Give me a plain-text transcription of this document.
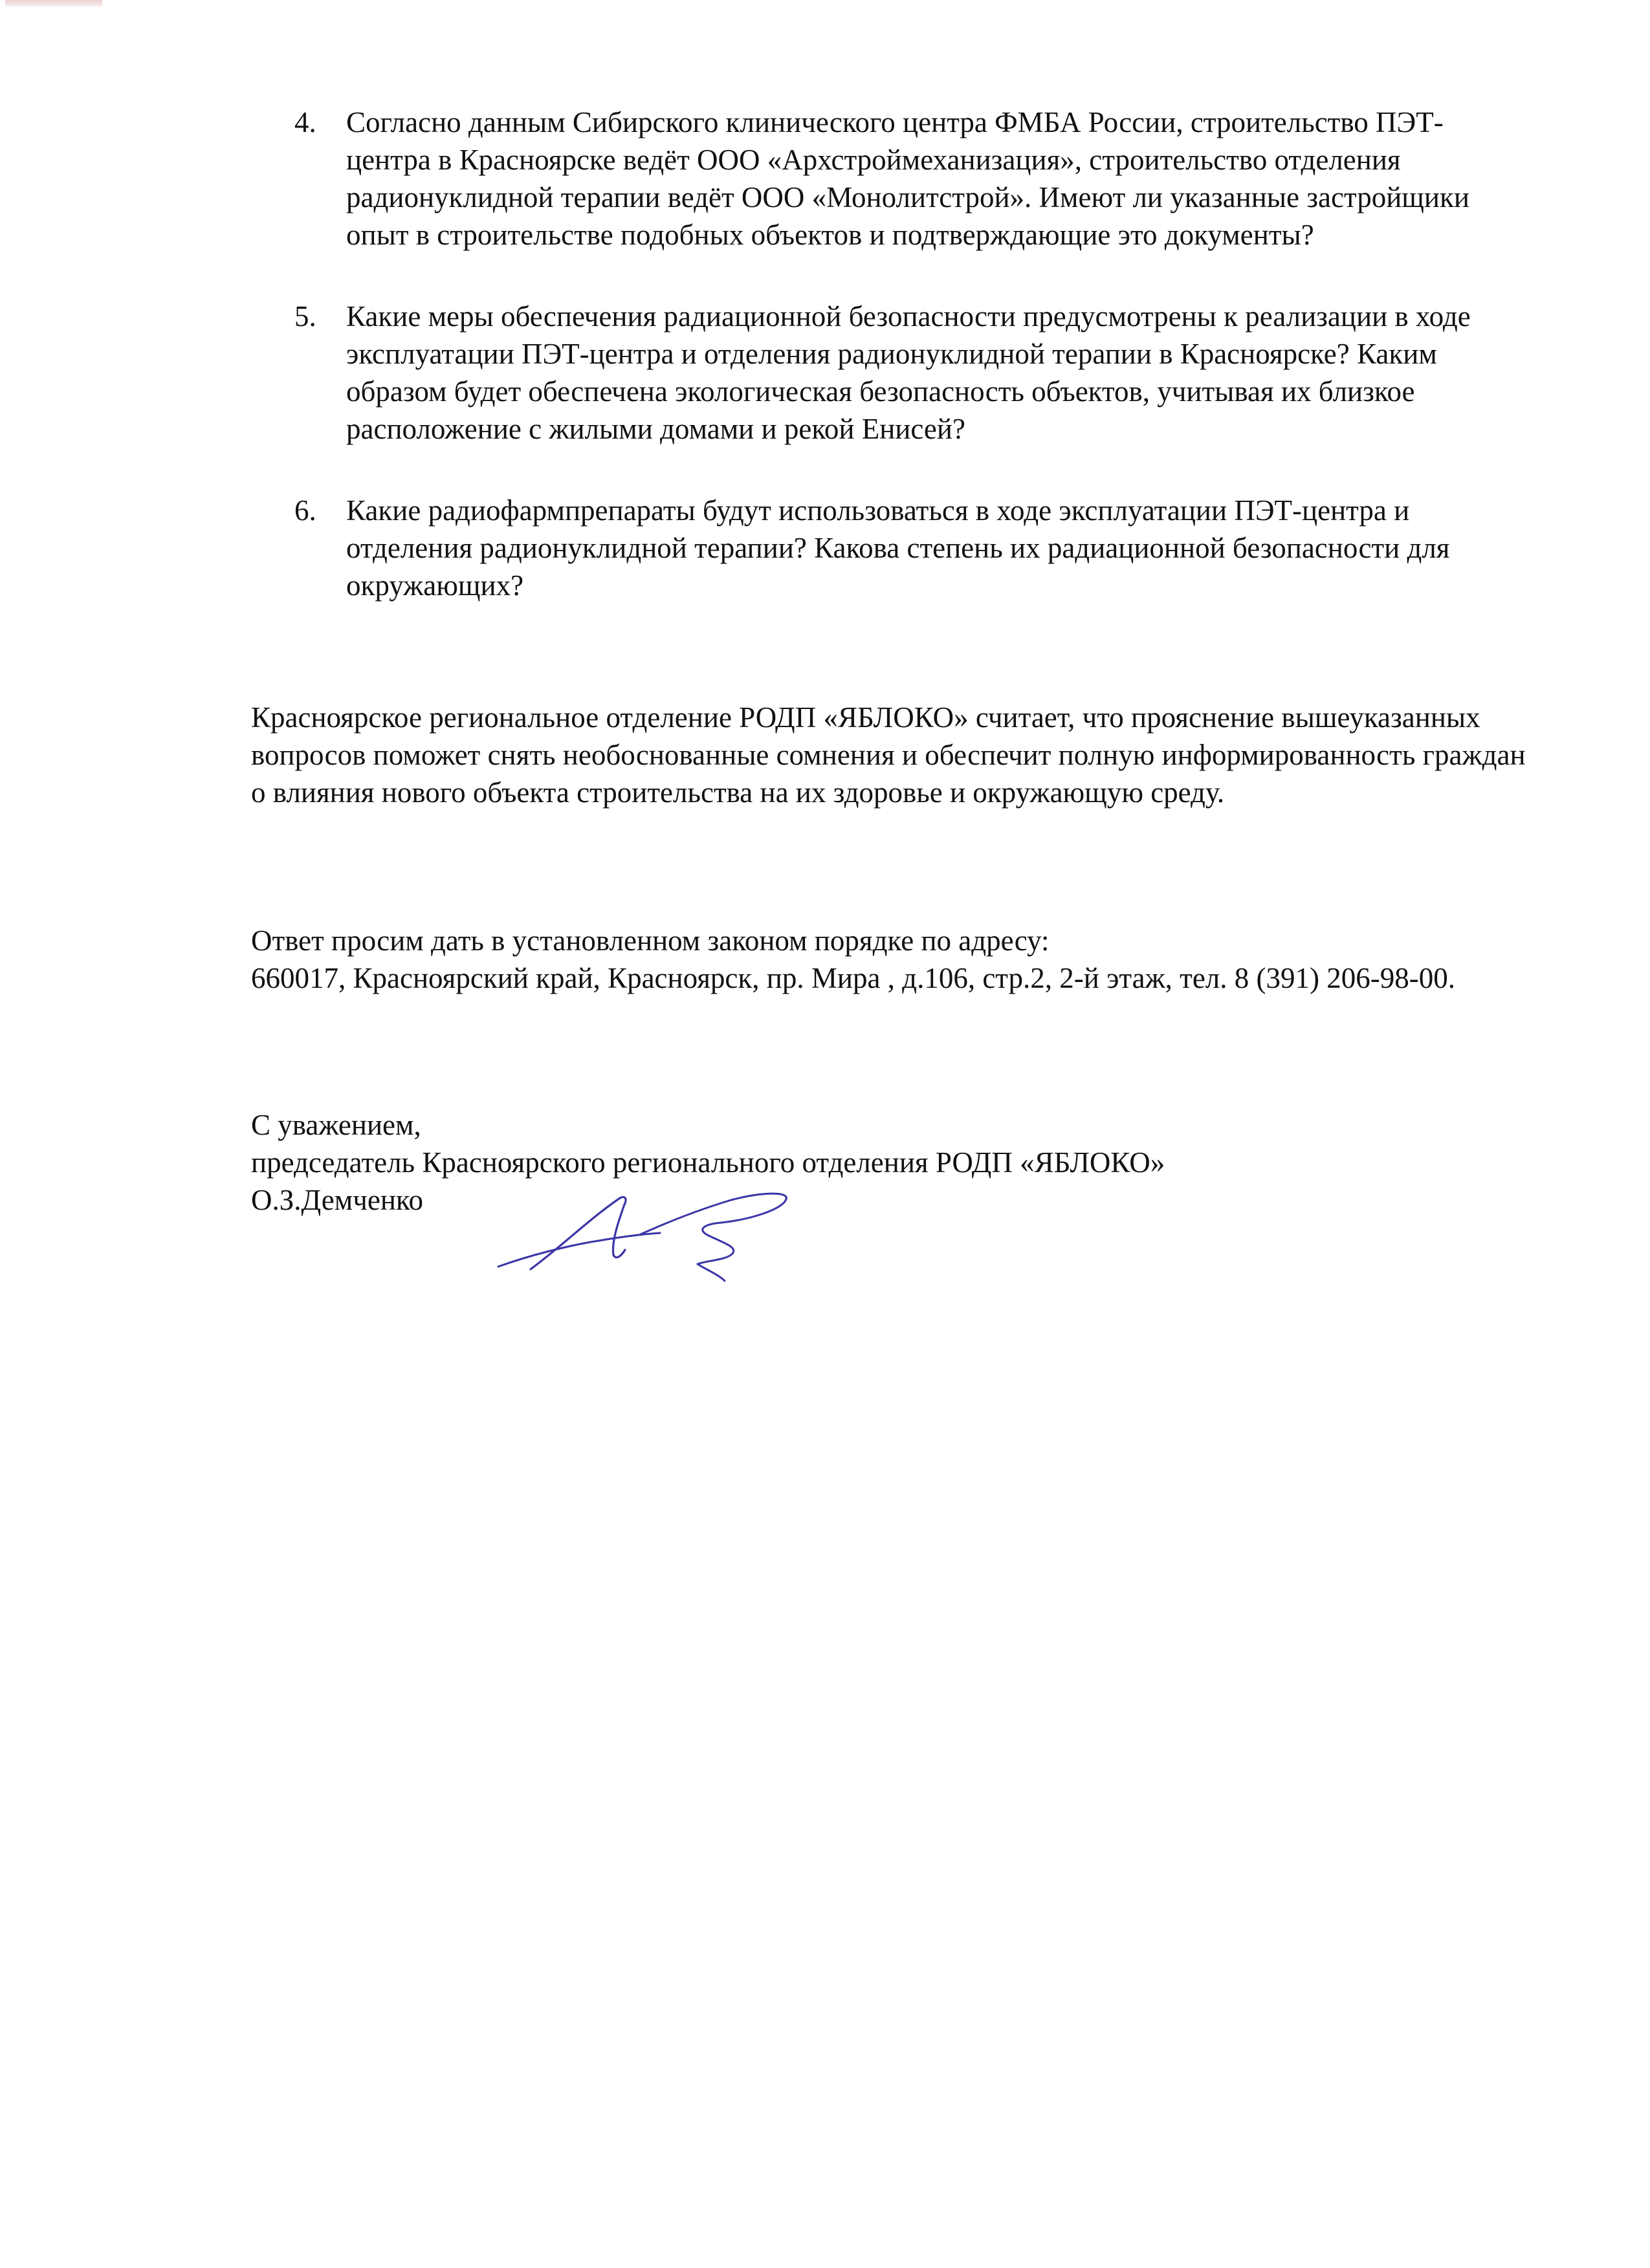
4. Согласно данным Сибирского клинического центра ФМБА России, строительство ПЭТ-центра в Красноярске ведёт ООО «Архстроймеханизация», строительство отделения радионуклидной терапии ведёт ООО «Монолитстрой». Имеют ли указанные застройщики опыт в строительстве подобных объектов и подтверждающие это документы?
5. Какие меры обеспечения радиационной безопасности предусмотрены к реализации в ходе эксплуатации ПЭТ-центра и отделения радионуклидной терапии в Красноярске? Каким образом будет обеспечена экологическая безопасность объектов, учитывая их близкое расположение с жилыми домами и рекой Енисей?
6. Какие радиофармпрепараты будут использоваться в ходе эксплуатации ПЭТ-центра и отделения радионуклидной терапии? Какова степень их радиационной безопасности для окружающих?

Красноярское региональное отделение РОДП «ЯБЛОКО» считает, что прояснение вышеуказанных вопросов поможет снять необоснованные сомнения и обеспечит полную информированность граждан о влияния нового объекта строительства на их здоровье и окружающую среду.

Ответ просим дать в установленном законом порядке по адресу:
660017, Красноярский край, Красноярск, пр. Мира , д.106, стр.2, 2-й этаж, тел. 8 (391) 206-98-00.

С уважением,
председатель Красноярского регионального отделения РОДП «ЯБЛОКО»
О.З.Демченко
